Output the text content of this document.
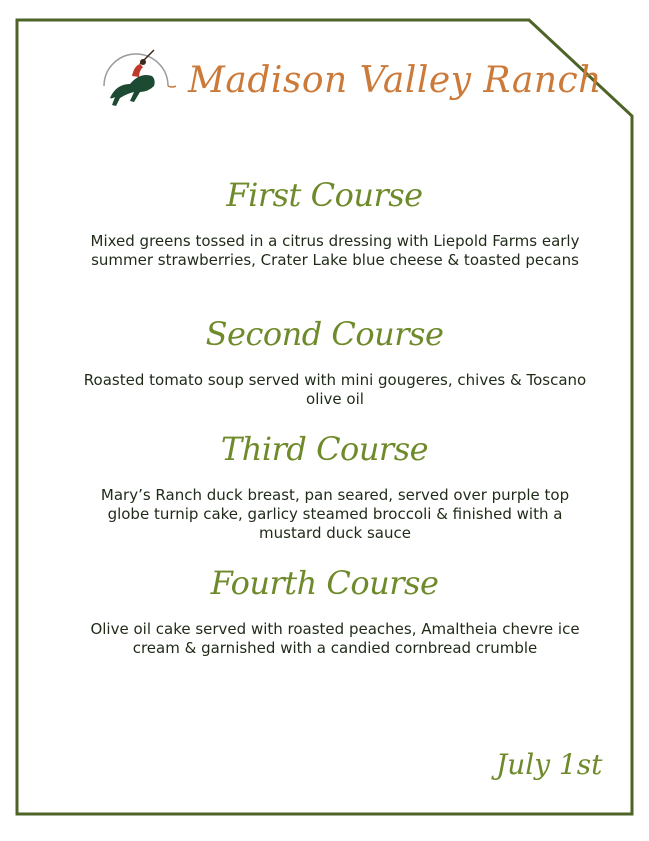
Madison Valley Ranch
First Course
Mixed greens tossed in a citrus dressing with Liepold Farms early summer strawberries, Crater Lake blue cheese & toasted pecans
Second Course
Roasted tomato soup served with mini gougeres, chives & Toscano olive oil
Third Course
Mary’s Ranch duck breast, pan seared, served over purple top globe turnip cake, garlicy steamed broccoli & finished with a mustard duck sauce
Fourth Course
Olive oil cake served with roasted peaches, Amaltheia chevre ice cream & garnished with a candied cornbread crumble
July 1st
